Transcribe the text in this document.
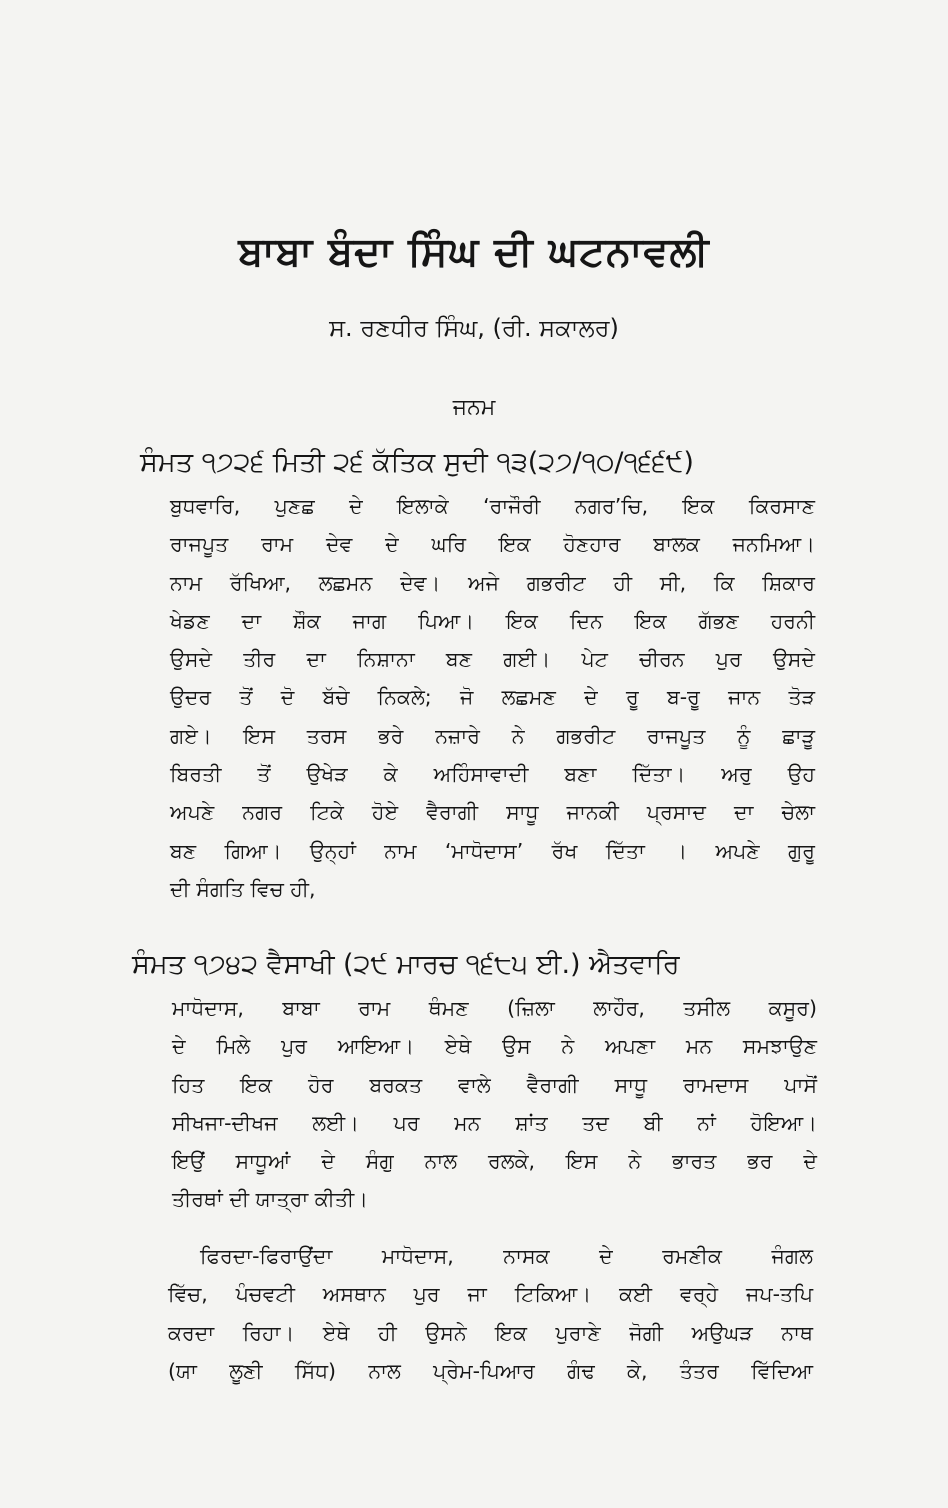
ਬਾਬਾ ਬੰਦਾ ਸਿੰਘ ਦੀ ਘਟਨਾਵਲੀ
ਸ. ਰਣਧੀਰ ਸਿੰਘ, (ਰੀ. ਸਕਾਲਰ)
ਜਨਮ
ਸੰਮਤ ੧੭੨੬ ਮਿਤੀ ੨੬ ਕੱਤਿਕ ਸੁਦੀ ੧੩(੨੭/੧੦/੧੬੬੯)
ਬੁਧਵਾਰਿ, ਪੁਣਛ ਦੇ ਇਲਾਕੇ ‘ਰਾਜੌਰੀ ਨਗਰ’ਚਿ, ਇਕ ਕਿਰਸਾਣ
ਰਾਜਪੂਤ ਰਾਮ ਦੇਵ ਦੇ ਘਰਿ ਇਕ ਹੋਣਹਾਰ ਬਾਲਕ ਜਨਮਿਆ।
ਨਾਮ ਰੱਖਿਆ, ਲਛਮਨ ਦੇਵ। ਅਜੇ ਗਭਰੀਟ ਹੀ ਸੀ, ਕਿ ਸ਼ਿਕਾਰ
ਖੇਡਣ ਦਾ ਸ਼ੌਕ ਜਾਗ ਪਿਆ। ਇਕ ਦਿਨ ਇਕ ਗੱਭਣ ਹਰਨੀ
ਉਸਦੇ ਤੀਰ ਦਾ ਨਿਸ਼ਾਨਾ ਬਣ ਗਈ। ਪੇਟ ਚੀਰਨ ਪੁਰ ਉਸਦੇ
ਉਦਰ ਤੋਂ ਦੋ ਬੱਚੇ ਨਿਕਲੇ; ਜੋ ਲਛਮਣ ਦੇ ਰੂ ਬ-ਰੂ ਜਾਨ ਤੋੜ
ਗਏ। ਇਸ ਤਰਸ ਭਰੇ ਨਜ਼ਾਰੇ ਨੇ ਗਭਰੀਟ ਰਾਜਪੂਤ ਨੂੰ ਛਾੜੂ
ਬਿਰਤੀ ਤੋਂ ਉਖੇੜ ਕੇ ਅਹਿੰਸਾਵਾਦੀ ਬਣਾ ਦਿੱਤਾ। ਅਰੁ ਉਹ
ਅਪਣੇ ਨਗਰ ਟਿਕੇ ਹੋਏ ਵੈਰਾਗੀ ਸਾਧੂ ਜਾਨਕੀ ਪ੍ਰਸਾਦ ਦਾ ਚੇਲਾ
ਬਣ ਗਿਆ। ਉਨ੍ਹਾਂ ਨਾਮ ‘ਮਾਧੋਦਾਸ’ ਰੱਖ ਦਿੱਤਾ । ਅਪਣੇ ਗੁਰੂ
ਦੀ ਸੰਗਤਿ ਵਿਚ ਹੀ,
ਸੰਮਤ ੧੭੪੨ ਵੈਸਾਖੀ (੨੯ ਮਾਰਚ ੧੬੮੫ ਈ.) ਐਤਵਾਰਿ
ਮਾਧੋਦਾਸ, ਬਾਬਾ ਰਾਮ ਥੰਮਣ (ਜ਼ਿਲਾ ਲਾਹੌਰ, ਤਸੀਲ ਕਸੂਰ)
ਦੇ ਮਿਲੇ ਪੁਰ ਆਇਆ। ਏਥੇ ਉਸ ਨੇ ਅਪਣਾ ਮਨ ਸਮਝਾਉਣ
ਹਿਤ ਇਕ ਹੋਰ ਬਰਕਤ ਵਾਲੇ ਵੈਰਾਗੀ ਸਾਧੂ ਰਾਮਦਾਸ ਪਾਸੋਂ
ਸੀਖਜਾ-ਦੀਖਜ ਲਈ। ਪਰ ਮਨ ਸ਼ਾਂਤ ਤਦ ਬੀ ਨਾਂ ਹੋਇਆ।
ਇਉਂ ਸਾਧੂਆਂ ਦੇ ਸੰਗੁ ਨਾਲ ਰਲਕੇ, ਇਸ ਨੇ ਭਾਰਤ ਭਰ ਦੇ
ਤੀਰਥਾਂ ਦੀ ਯਾਤ੍ਰਾ ਕੀਤੀ।
ਫਿਰਦਾ-ਫਿਰਾਉਂਦਾ ਮਾਧੋਦਾਸ, ਨਾਸਕ ਦੇ ਰਮਣੀਕ ਜੰਗਲ
ਵਿੱਚ, ਪੰਚਵਟੀ ਅਸਥਾਨ ਪੁਰ ਜਾ ਟਿਕਿਆ। ਕਈ ਵਰ੍ਹੇ ਜਪ-ਤਪਿ
ਕਰਦਾ ਰਿਹਾ। ਏਥੇ ਹੀ ਉਸਨੇ ਇਕ ਪੁਰਾਣੇ ਜੋਗੀ ਅਉਘੜ ਨਾਥ
(ਯਾ ਲੂਣੀ ਸਿੱਧ) ਨਾਲ ਪ੍ਰੇਮ-ਪਿਆਰ ਗੰਢ ਕੇ, ਤੰਤਰ ਵਿੱਦਿਆ
